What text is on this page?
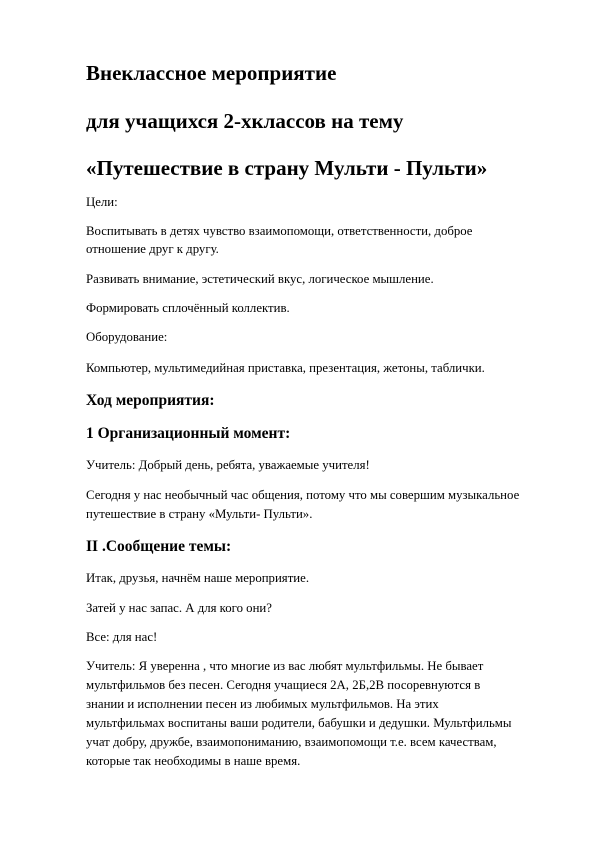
Внеклассное мероприятие
для учащихся 2-хклассов на тему
«Путешествие в страну Мульти - Пульти»
Цели:
Воспитывать в детях чувство взаимопомощи, ответственности, доброе
отношение друг к другу.
Развивать внимание, эстетический вкус, логическое мышление.
Формировать сплочённый коллектив.
Оборудование:
Компьютер, мультимедийная приставка, презентация, жетоны, таблички.
Ход мероприятия:
1 Организационный момент:
Учитель: Добрый день, ребята, уважаемые учителя!
Сегодня у нас необычный час общения, потому что мы совершим музыкальное
путешествие в страну «Мульти- Пульти».
II .Сообщение темы:
Итак, друзья, начнём наше мероприятие.
Затей у нас запас. А для кого они?
Все: для нас!
Учитель: Я уверенна , что многие из вас любят мультфильмы. Не бывает
мультфильмов без песен. Сегодня учащиеся 2А, 2Б,2В посоревнуются в
знании и исполнении песен из любимых мультфильмов. На этих
мультфильмах воспитаны ваши родители, бабушки и дедушки. Мультфильмы
учат добру, дружбе, взаимопониманию, взаимопомощи т.е. всем качествам,
которые так необходимы в наше время.
